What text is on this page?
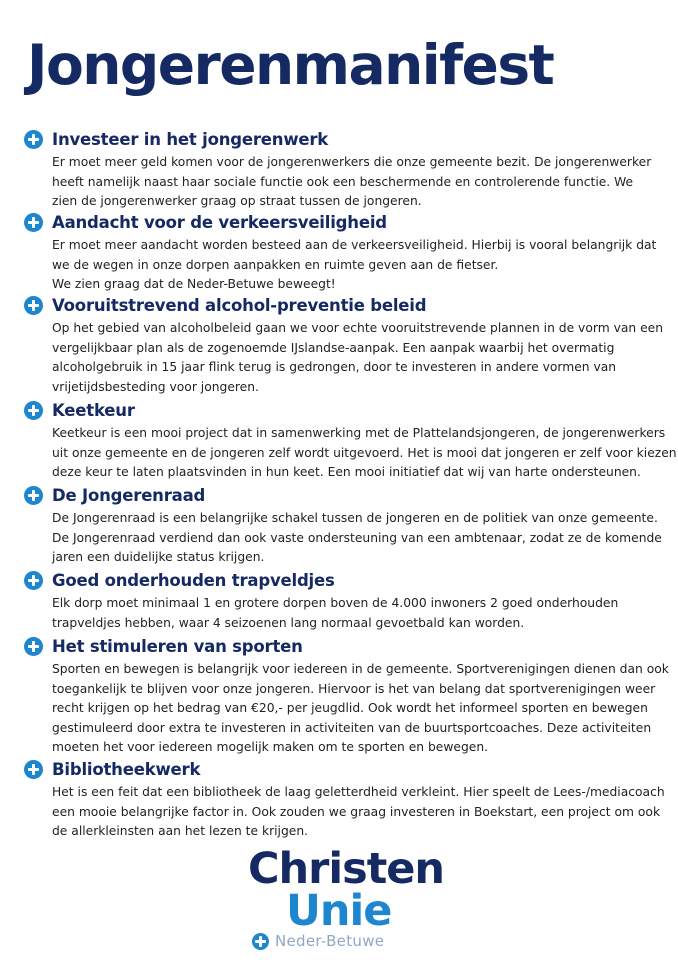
Jongerenmanifest
Investeer in het jongerenwerk
Er moet meer geld komen voor de jongerenwerkers die onze gemeente bezit. De jongerenwerker
heeft namelijk naast haar sociale functie ook een beschermende en controlerende functie. We
zien de jongerenwerker graag op straat tussen de jongeren.
Aandacht voor de verkeersveiligheid
Er moet meer aandacht worden besteed aan de verkeersveiligheid. Hierbij is vooral belangrijk dat
we de wegen in onze dorpen aanpakken en ruimte geven aan de fietser.
We zien graag dat de Neder-Betuwe beweegt!
Vooruitstrevend alcohol-preventie beleid
Op het gebied van alcoholbeleid gaan we voor echte vooruitstrevende plannen in de vorm van een
vergelijkbaar plan als de zogenoemde IJslandse-aanpak. Een aanpak waarbij het overmatig
alcoholgebruik in 15 jaar flink terug is gedrongen, door te investeren in andere vormen van
vrijetijdsbesteding voor jongeren.
Keetkeur
Keetkeur is een mooi project dat in samenwerking met de Plattelandsjongeren, de jongerenwerkers
uit onze gemeente en de jongeren zelf wordt uitgevoerd. Het is mooi dat jongeren er zelf voor kiezen
deze keur te laten plaatsvinden in hun keet. Een mooi initiatief dat wij van harte ondersteunen.
De Jongerenraad
De Jongerenraad is een belangrijke schakel tussen de jongeren en de politiek van onze gemeente.
De Jongerenraad verdiend dan ook vaste ondersteuning van een ambtenaar, zodat ze de komende
jaren een duidelijke status krijgen.
Goed onderhouden trapveldjes
Elk dorp moet minimaal 1 en grotere dorpen boven de 4.000 inwoners 2 goed onderhouden
trapveldjes hebben, waar 4 seizoenen lang normaal gevoetbald kan worden.
Het stimuleren van sporten
Sporten en bewegen is belangrijk voor iedereen in de gemeente. Sportverenigingen dienen dan ook
toegankelijk te blijven voor onze jongeren. Hiervoor is het van belang dat sportverenigingen weer
recht krijgen op het bedrag van €20,- per jeugdlid. Ook wordt het informeel sporten en bewegen
gestimuleerd door extra te investeren in activiteiten van de buurtsportcoaches. Deze activiteiten
moeten het voor iedereen mogelijk maken om te sporten en bewegen.
Bibliotheekwerk
Het is een feit dat een bibliotheek de laag geletterdheid verkleint. Hier speelt de Lees-/mediacoach
een mooie belangrijke factor in. Ook zouden we graag investeren in Boekstart, een project om ook
de allerkleinsten aan het lezen te krijgen.
Christen
Unie
Neder-Betuwe
